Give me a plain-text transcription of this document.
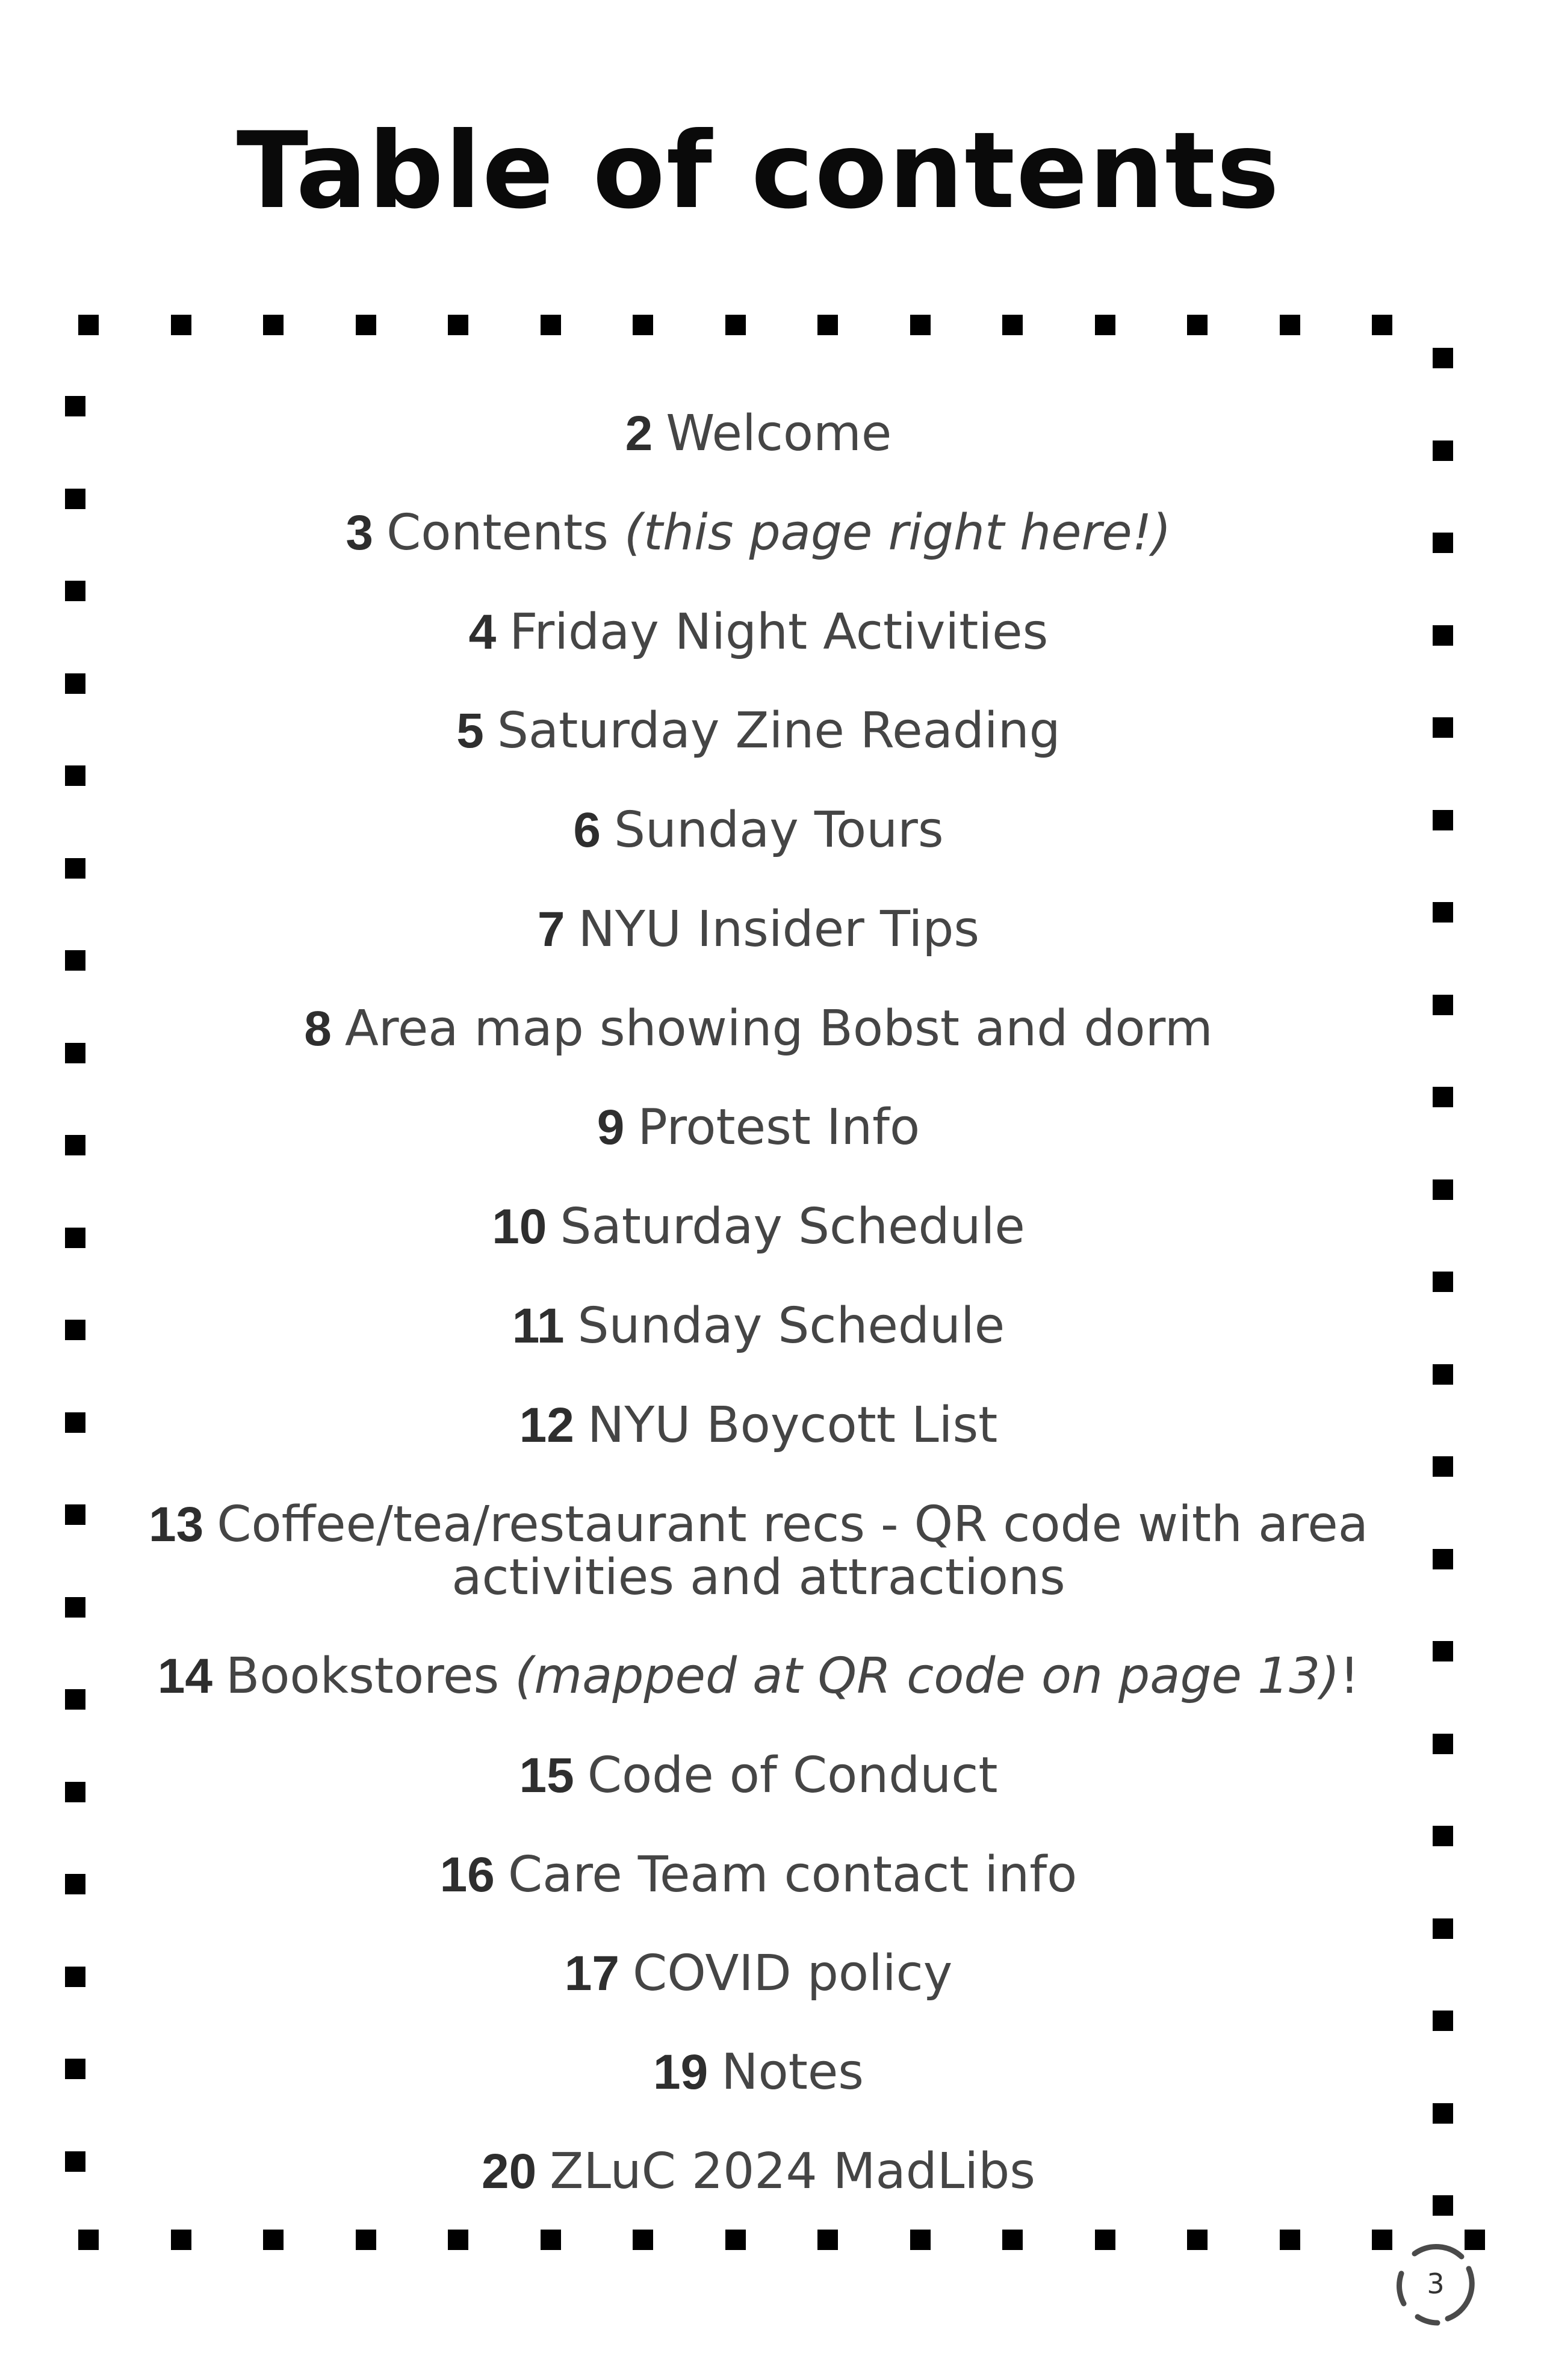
Table of contents
2 Welcome
3 Contents (this page right here!)
4 Friday Night Activities
5 Saturday Zine Reading
6 Sunday Tours
7 NYU Insider Tips
8 Area map showing Bobst and dorm
9 Protest Info
10 Saturday Schedule
11 Sunday Schedule
12 NYU Boycott List
13 Coffee/tea/restaurant recs - QR code with area
activities and attractions
14 Bookstores (mapped at QR code on page 13)!
15 Code of Conduct
16 Care Team contact info
17 COVID policy
19 Notes
20 ZLuC 2024 MadLibs
3
